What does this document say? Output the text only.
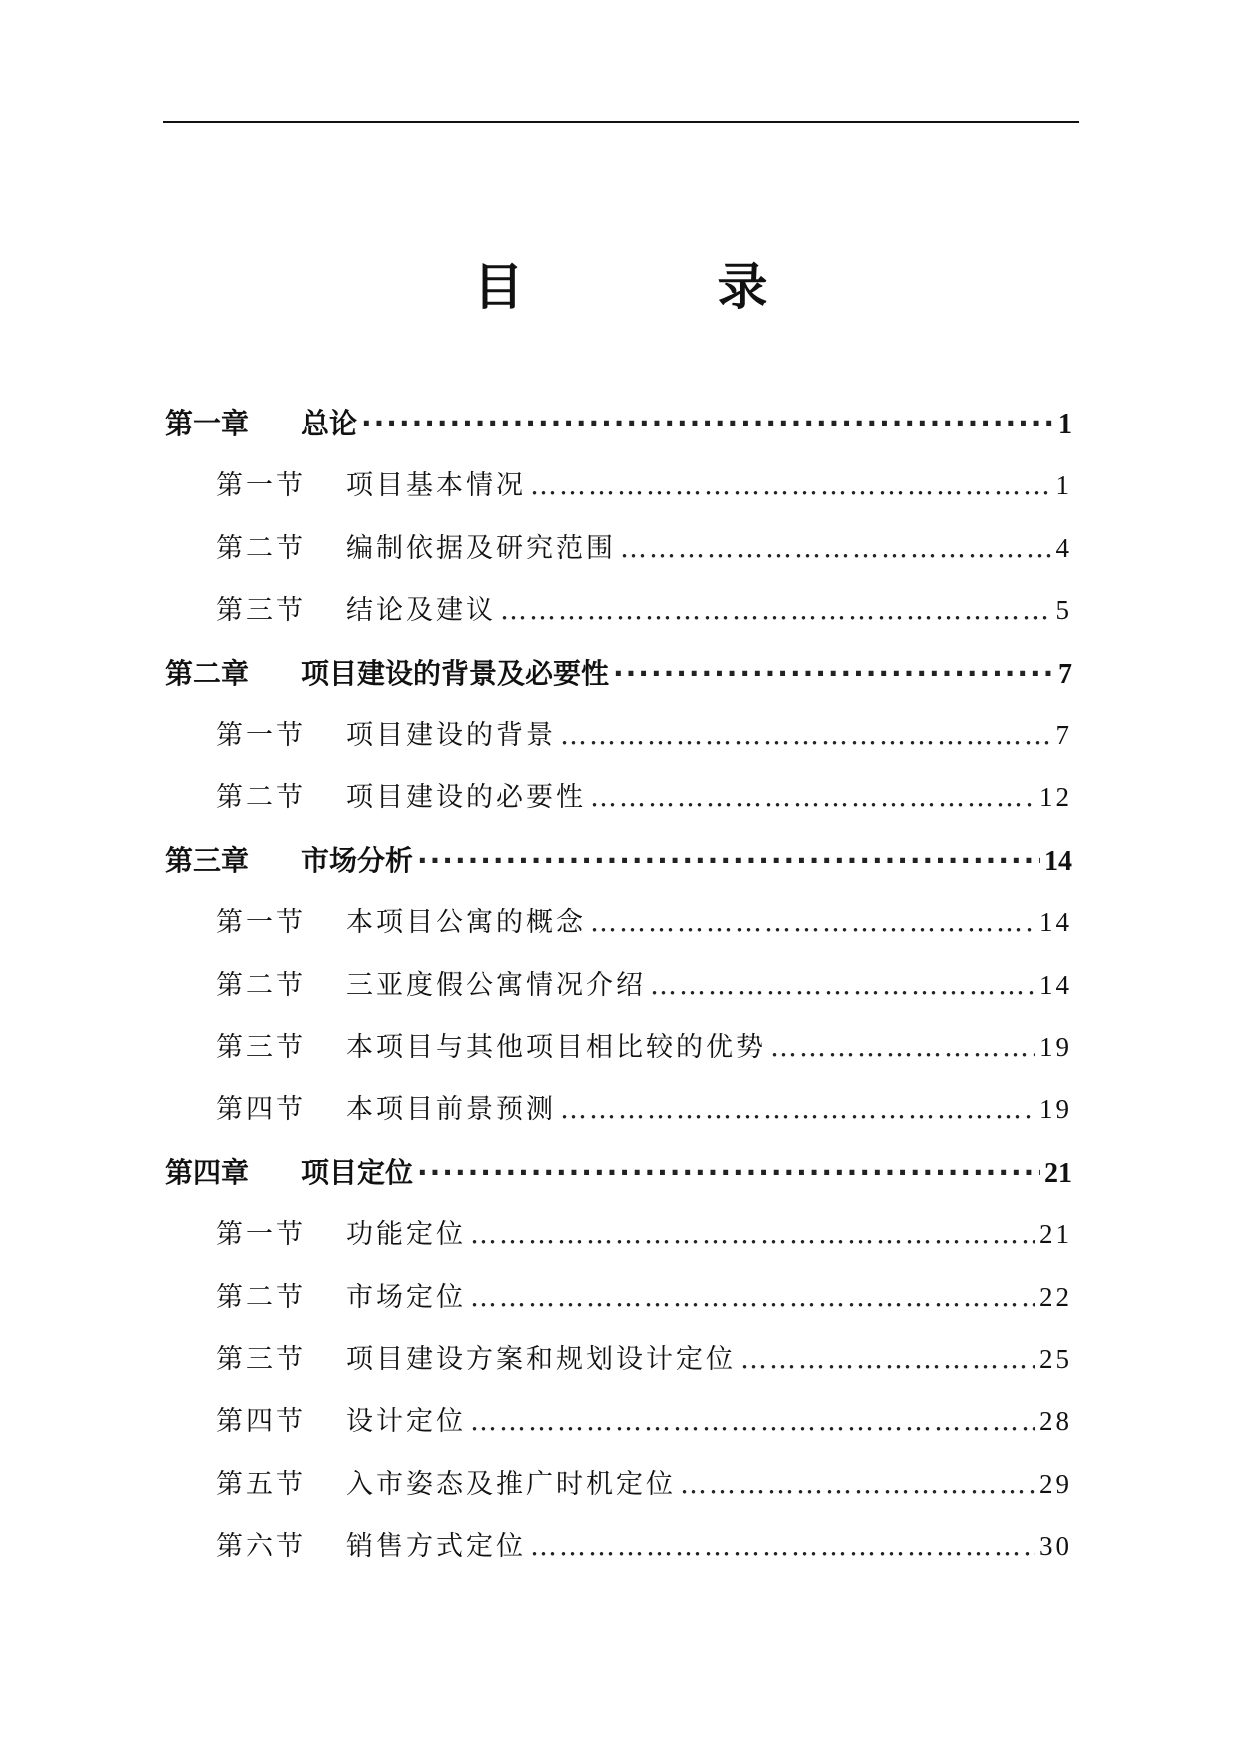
目　录
第一章 总论 ·····	1
第一节 项目基本情况 …………………………………………………………………………………………………………………………………………………………………………	1
第二节 编制依据及研究范围 …………………………………………………………………………………………………………………………………………………………………………	4
第三节 结论及建议 …………………………………………………………………………………………………………………………………………………………………………	5
第二章 项目建设的背景及必要性 ·····	7
第一节 项目建设的背景 …………………………………………………………………………………………………………………………………………………………………………	7
第二节 项目建设的必要性 …………………………………………………………………………………………………………………………………………………………………………	12
第三章 市场分析 ·····	14
第一节 本项目公寓的概念 …………………………………………………………………………………………………………………………………………………………………………	14
第二节 三亚度假公寓情况介绍 …………………………………………………………………………………………………………………………………………………………………………	14
第三节 本项目与其他项目相比较的优势 …………………………………………………………………………………………………………………………………………………………………………	19
第四节 本项目前景预测 …………………………………………………………………………………………………………………………………………………………………………	19
第四章 项目定位 ·····	21
第一节 功能定位 …………………………………………………………………………………………………………………………………………………………………………	21
第二节 市场定位 …………………………………………………………………………………………………………………………………………………………………………	22
第三节 项目建设方案和规划设计定位 …………………………………………………………………………………………………………………………………………………………………………	25
第四节 设计定位 …………………………………………………………………………………………………………………………………………………………………………	28
第五节 入市姿态及推广时机定位 …………………………………………………………………………………………………………………………………………………………………………	29
第六节 销售方式定位 …………………………………………………………………………………………………………………………………………………………………………	30
